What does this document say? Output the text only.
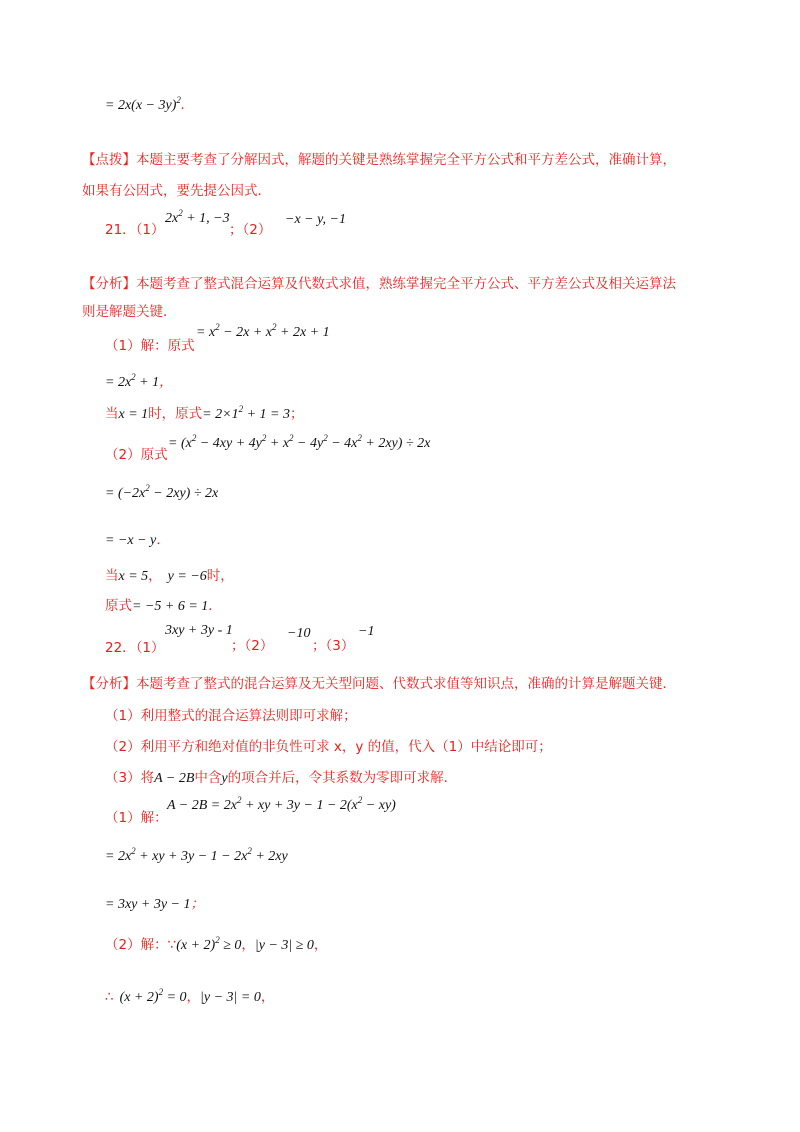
= $2x(x - 3y)^2$.
【点拨】本题主要考查了分解因式，解题的关键是熟练掌握完全平方公式和平方差公式，准确计算，
如果有公因式，要先提公因式．
21．（1）
$2x^2 + 1$, −3
；（2）
−x − y, −1
【分析】本题考查了整式混合运算及代数式求值，熟练掌握完全平方公式、平方差公式及相关运算法
则是解题关键．
（1）解：原式
= $x^2 - 2x + x^2 + 2x + 1$
= $2x^2 + 1$，
当x = 1时，原式= $2\times 1^2 + 1 = 3$；
（2）原式
= $(x^2 - 4xy + 4y^2 + x^2 - 4y^2 - 4x^2 + 2xy) \div 2x$
= $(-2x^2 - 2xy) \div 2x$
= −x − y．
当x = 5， y = −6时，
原式= −5 + 6 = 1．
22．（1）
3xy + 3y - 1
；（2）
−10
；（3）
−1
【分析】本题考查了整式的混合运算及无关型问题、代数式求值等知识点，准确的计算是解题关键．
（1）利用整式的混合运算法则即可求解；
（2）利用平方和绝对值的非负性可求 x，y 的值，代入（1）中结论即可；
（3）将A − 2B中含y的项合并后，令其系数为零即可求解．
（1）解：
$A - 2B = 2x^2$ + xy + $3y - 1 - 2(x^2 - xy)$
= $2x^2$ + xy + $3y - 1 - 2x^2 + 2xy$
= 3xy + 3y − 1；
（2）解：∵(x + 2)$^2$ ≥ 0，|y − 3| ≥ 0，
∴ $(x + 2)^2 = 0$，|y − 3| = 0，
